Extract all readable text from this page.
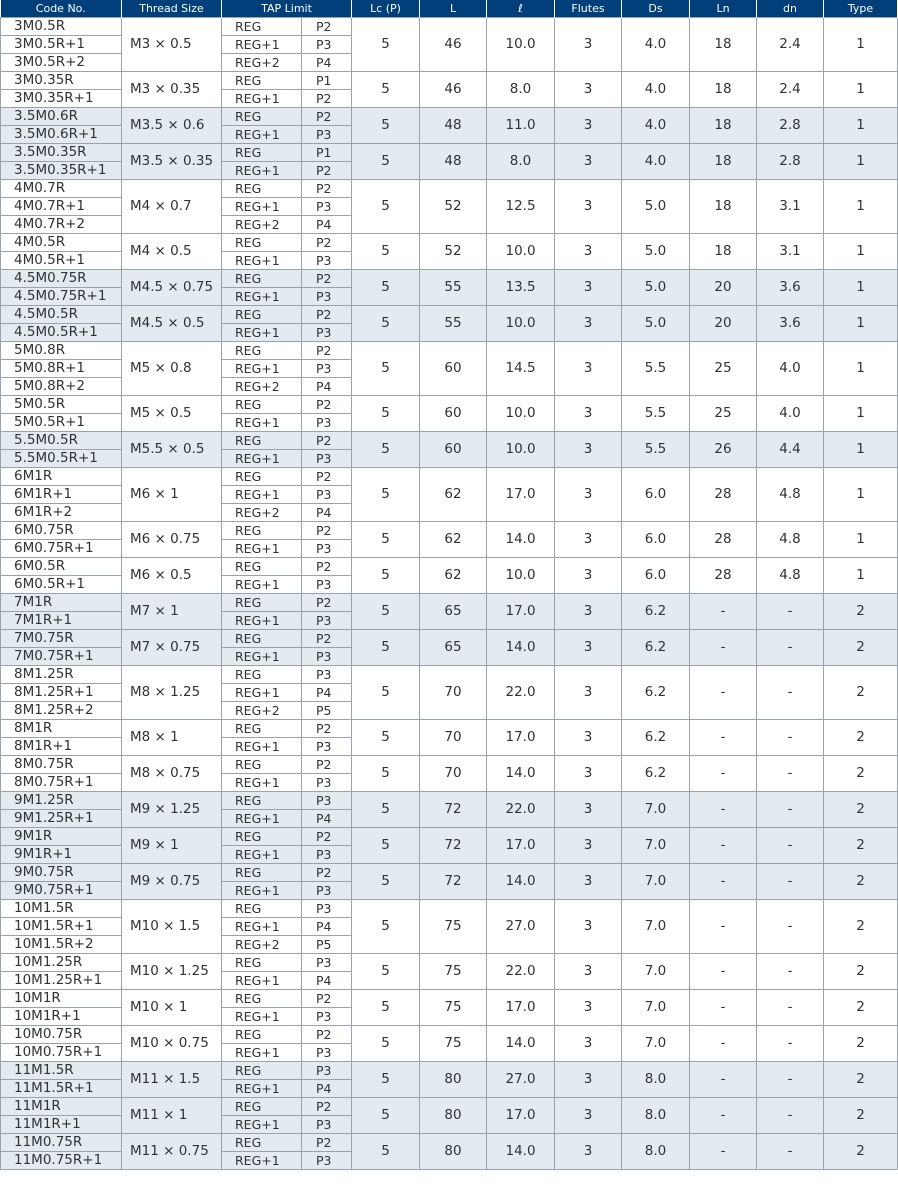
Code No.	Thread Size	TAP Limit		Lc (P)	L	ℓ	Flutes	Ds	Ln	dn	Type
3M0.5R	M3 × 0.5	REG	P2	5	46	10.0	3	4.0	18	2.4	1
3M0.5R+1		REG+1	P3								
3M0.5R+2		REG+2	P4								
3M0.35R	M3 × 0.35	REG	P1	5	46	8.0	3	4.0	18	2.4	1
3M0.35R+1		REG+1	P2								
3.5M0.6R	M3.5 × 0.6	REG	P2	5	48	11.0	3	4.0	18	2.8	1
3.5M0.6R+1		REG+1	P3								
3.5M0.35R	M3.5 × 0.35	REG	P1	5	48	8.0	3	4.0	18	2.8	1
3.5M0.35R+1		REG+1	P2								
4M0.7R	M4 × 0.7	REG	P2	5	52	12.5	3	5.0	18	3.1	1
4M0.7R+1		REG+1	P3								
4M0.7R+2		REG+2	P4								
4M0.5R	M4 × 0.5	REG	P2	5	52	10.0	3	5.0	18	3.1	1
4M0.5R+1		REG+1	P3								
4.5M0.75R	M4.5 × 0.75	REG	P2	5	55	13.5	3	5.0	20	3.6	1
4.5M0.75R+1		REG+1	P3								
4.5M0.5R	M4.5 × 0.5	REG	P2	5	55	10.0	3	5.0	20	3.6	1
4.5M0.5R+1		REG+1	P3								
5M0.8R	M5 × 0.8	REG	P2	5	60	14.5	3	5.5	25	4.0	1
5M0.8R+1		REG+1	P3								
5M0.8R+2		REG+2	P4								
5M0.5R	M5 × 0.5	REG	P2	5	60	10.0	3	5.5	25	4.0	1
5M0.5R+1		REG+1	P3								
5.5M0.5R	M5.5 × 0.5	REG	P2	5	60	10.0	3	5.5	26	4.4	1
5.5M0.5R+1		REG+1	P3								
6M1R	M6 × 1	REG	P2	5	62	17.0	3	6.0	28	4.8	1
6M1R+1		REG+1	P3								
6M1R+2		REG+2	P4								
6M0.75R	M6 × 0.75	REG	P2	5	62	14.0	3	6.0	28	4.8	1
6M0.75R+1		REG+1	P3								
6M0.5R	M6 × 0.5	REG	P2	5	62	10.0	3	6.0	28	4.8	1
6M0.5R+1		REG+1	P3								
7M1R	M7 × 1	REG	P2	5	65	17.0	3	6.2	-	-	2
7M1R+1		REG+1	P3								
7M0.75R	M7 × 0.75	REG	P2	5	65	14.0	3	6.2	-	-	2
7M0.75R+1		REG+1	P3								
8M1.25R	M8 × 1.25	REG	P3	5	70	22.0	3	6.2	-	-	2
8M1.25R+1		REG+1	P4								
8M1.25R+2		REG+2	P5								
8M1R	M8 × 1	REG	P2	5	70	17.0	3	6.2	-	-	2
8M1R+1		REG+1	P3								
8M0.75R	M8 × 0.75	REG	P2	5	70	14.0	3	6.2	-	-	2
8M0.75R+1		REG+1	P3								
9M1.25R	M9 × 1.25	REG	P3	5	72	22.0	3	7.0	-	-	2
9M1.25R+1		REG+1	P4								
9M1R	M9 × 1	REG	P2	5	72	17.0	3	7.0	-	-	2
9M1R+1		REG+1	P3								
9M0.75R	M9 × 0.75	REG	P2	5	72	14.0	3	7.0	-	-	2
9M0.75R+1		REG+1	P3								
10M1.5R	M10 × 1.5	REG	P3	5	75	27.0	3	7.0	-	-	2
10M1.5R+1		REG+1	P4								
10M1.5R+2		REG+2	P5								
10M1.25R	M10 × 1.25	REG	P3	5	75	22.0	3	7.0	-	-	2
10M1.25R+1		REG+1	P4								
10M1R	M10 × 1	REG	P2	5	75	17.0	3	7.0	-	-	2
10M1R+1		REG+1	P3								
10M0.75R	M10 × 0.75	REG	P2	5	75	14.0	3	7.0	-	-	2
10M0.75R+1		REG+1	P3								
11M1.5R	M11 × 1.5	REG	P3	5	80	27.0	3	8.0	-	-	2
11M1.5R+1		REG+1	P4								
11M1R	M11 × 1	REG	P2	5	80	17.0	3	8.0	-	-	2
11M1R+1		REG+1	P3								
11M0.75R	M11 × 0.75	REG	P2	5	80	14.0	3	8.0	-	-	2
11M0.75R+1		REG+1	P3								
